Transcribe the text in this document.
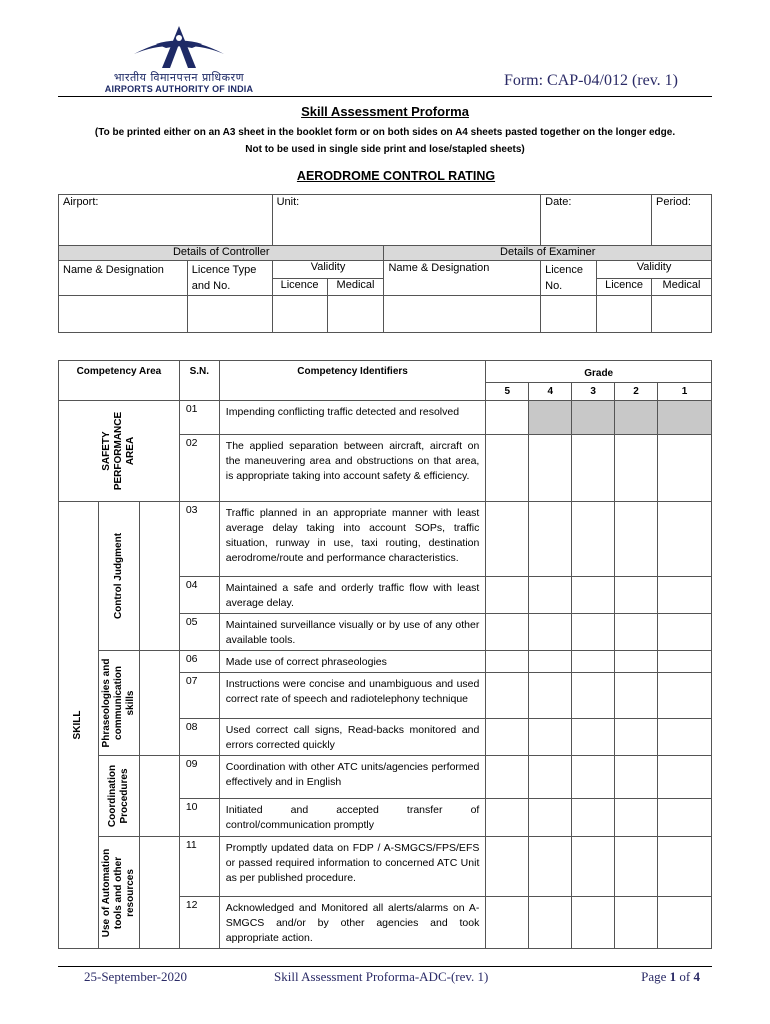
भारतीय विमानपत्तन प्राधिकरण
AIRPORTS AUTHORITY OF INDIA	Form: CAP-04/012 (rev. 1)
Skill Assessment Proforma
(To be printed either on an A3 sheet in the booklet form or on both sides on A4 sheets pasted together on the longer edge. Not to be used in single side print and lose/stapled sheets)
AERODROME CONTROL RATING
Airport:		Unit:			Date:		Period:
Details of Controller				Details of Examiner			
Name & Designation	Licence Type and No.	Validity		Name & Designation	Licence No.	Validity	
		Licence	Medical			Licence	Medical

Competency Area			S.N.	Competency Identifiers	Grade				
					5	4	3	2	1

SAFETY
PERFORMANCE
AREA			01	Impending conflicting traffic detected and resolved					
			02	The applied separation between aircraft, aircraft on the maneuvering area and obstructions on that area, is appropriate taking into account safety & efficiency.					

SKILL	Control Judgment		03	Traffic planned in an appropriate manner with least average delay taking into account SOPs, traffic situation, runway in use, taxi routing, destination aerodrome/route and performance characteristics.					
			04	Maintained a safe and orderly traffic flow with least average delay.					
			05	Maintained surveillance visually or by use of any other available tools.					

	Phraseologies and
communication
skills		06	Made use of correct phraseologies					
			07	Instructions were concise and unambiguous and used correct rate of speech and radiotelephony technique					
			08	Used correct call signs, Read-backs monitored and errors corrected quickly					

	Coordination
Procedures		09	Coordination with other ATC units/agencies performed effectively and in English					
			10	Initiated and accepted transfer of control/communication promptly					

	Use of Automation
tools and other
resources		11	Promptly updated data on FDP / A-SMGCS/FPS/EFS or passed required information to concerned ATC Unit as per published procedure.					
			12	Acknowledged and Monitored all alerts/alarms on A-SMGCS and/or by other agencies and took appropriate action.					
25-September-2020	Skill Assessment Proforma-ADC-(rev. 1)	Page 1 of 4
